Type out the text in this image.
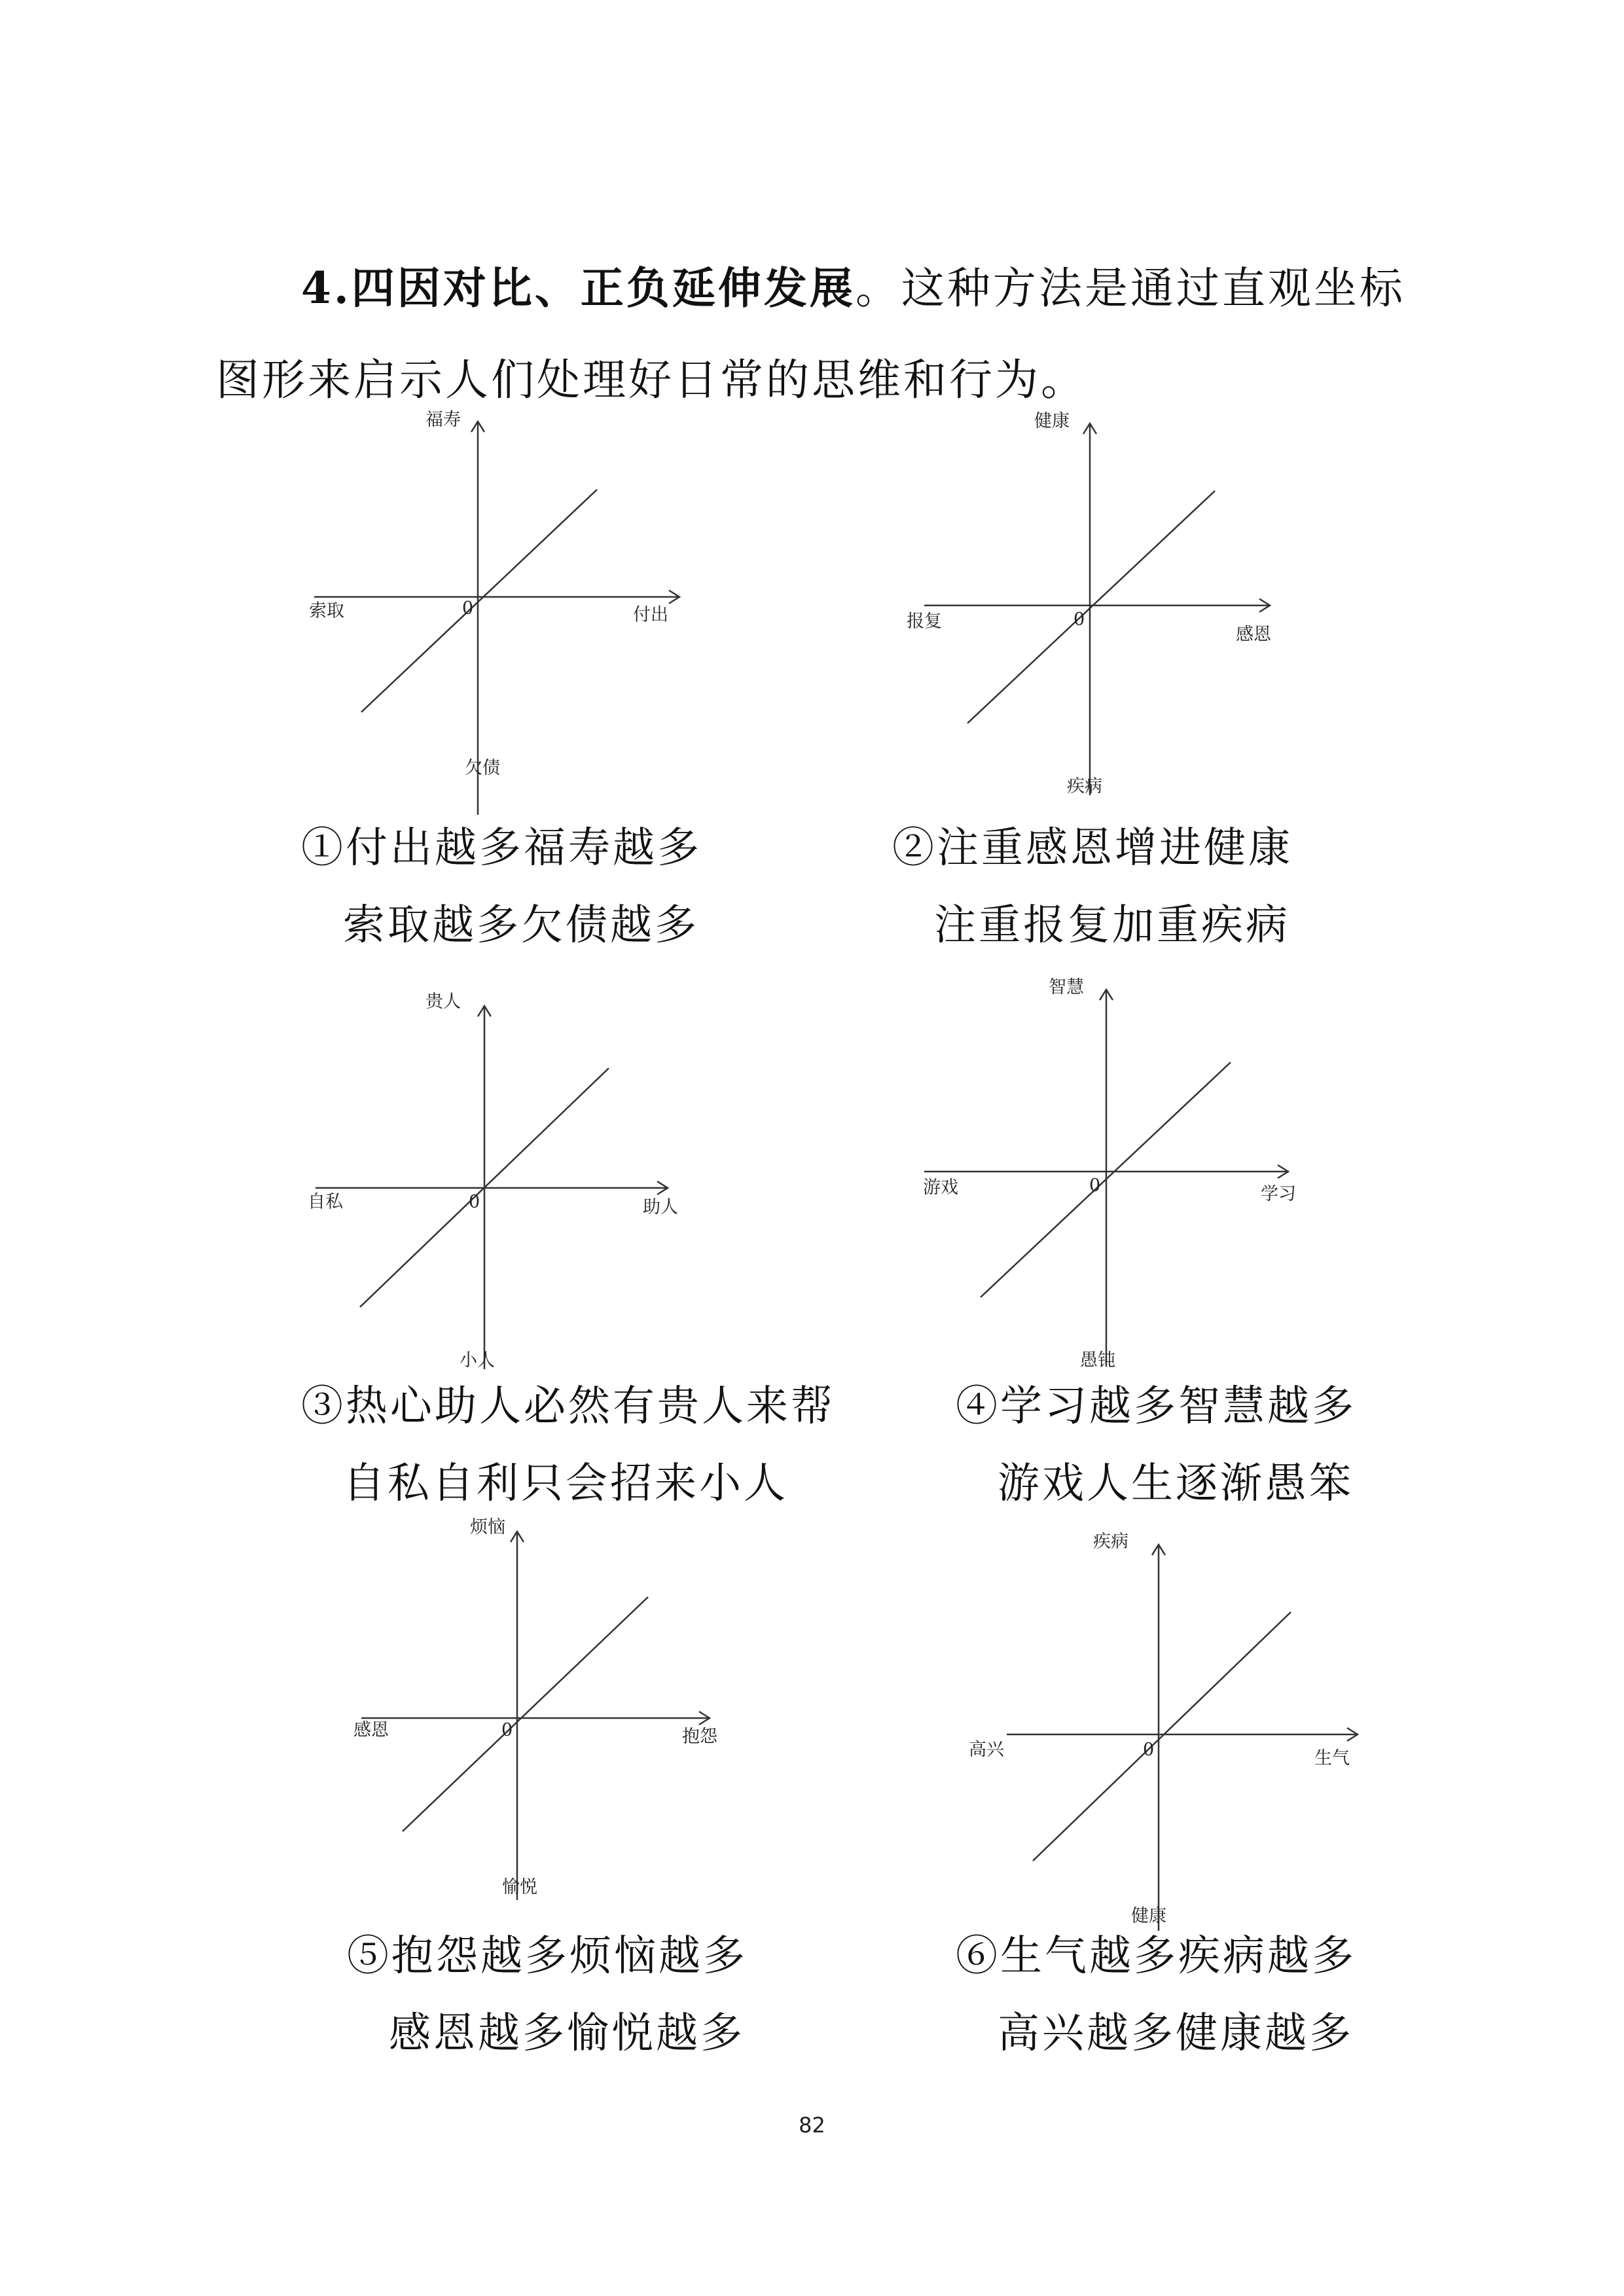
4.四因对比、正负延伸发展。这种方法是通过直观坐标图形来启示人们处理好日常的思维和行为。

福寿
欠债
索取	付出
0
①付出越多福寿越多
索取越多欠债越多
健康
疾病
报复
感恩
0
②注重感恩增进健康
注重报复加重疾病
贵人
小人
自私	助人
0
③热心助人必然有贵人来帮
自私自利只会招来小人
智慧
愚钝
游戏	学习
0
④学习越多智慧越多
游戏人生逐渐愚笨
烦恼
愉悦
感恩	抱怨
0
⑤抱怨越多烦恼越多
感恩越多愉悦越多
疾病
健康
高兴	生气
0
⑥生气越多疾病越多
高兴越多健康越多
82
